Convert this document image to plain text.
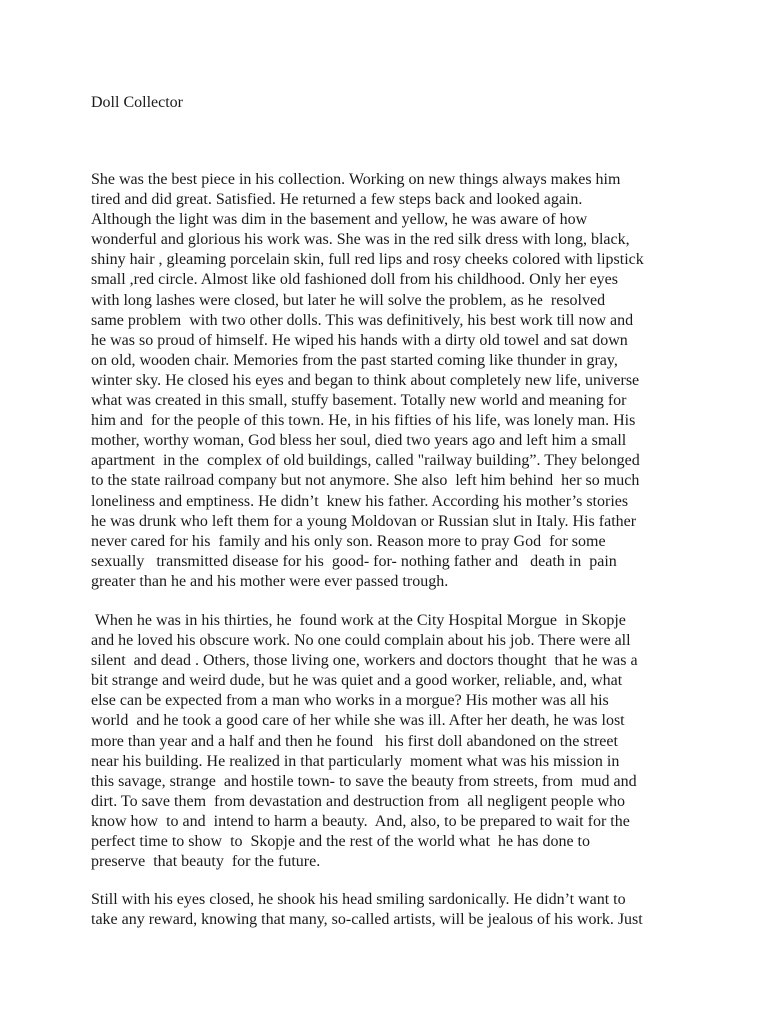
Doll Collector
She was the best piece in his collection. Working on new things always makes him
tired and did great. Satisfied. He returned a few steps back and looked again.
Although the light was dim in the basement and yellow, he was aware of how
wonderful and glorious his work was. She was in the red silk dress with long, black,
shiny hair , gleaming porcelain skin, full red lips and rosy cheeks colored with lipstick
small ,red circle. Almost like old fashioned doll from his childhood. Only her eyes
with long lashes were closed, but later he will solve the problem, as he  resolved
same problem  with two other dolls. This was definitively, his best work till now and
he was so proud of himself. He wiped his hands with a dirty old towel and sat down
on old, wooden chair. Memories from the past started coming like thunder in gray,
winter sky. He closed his eyes and began to think about completely new life, universe
what was created in this small, stuffy basement. Totally new world and meaning for
him and  for the people of this town. He, in his fifties of his life, was lonely man. His
mother, worthy woman, God bless her soul, died two years ago and left him a small
apartment  in the  complex of old buildings, called "railway building”. They belonged
to the state railroad company but not anymore. She also  left him behind  her so much
loneliness and emptiness. He didn’t  knew his father. According his mother’s stories
he was drunk who left them for a young Moldovan or Russian slut in Italy. His father
never cared for his  family and his only son. Reason more to pray God  for some
sexually   transmitted disease for his  good- for- nothing father and   death in  pain
greater than he and his mother were ever passed trough.
When he was in his thirties, he  found work at the City Hospital Morgue  in Skopje
and he loved his obscure work. No one could complain about his job. There were all
silent  and dead . Others, those living one, workers and doctors thought  that he was a
bit strange and weird dude, but he was quiet and a good worker, reliable, and, what
else can be expected from a man who works in a morgue? His mother was all his
world  and he took a good care of her while she was ill. After her death, he was lost
more than year and a half and then he found   his first doll abandoned on the street
near his building. He realized in that particularly  moment what was his mission in
this savage, strange  and hostile town- to save the beauty from streets, from  mud and
dirt. To save them  from devastation and destruction from  all negligent people who
know how  to and  intend to harm a beauty.  And, also, to be prepared to wait for the
perfect time to show  to  Skopje and the rest of the world what  he has done to
preserve  that beauty  for the future.
Still with his eyes closed, he shook his head smiling sardonically. He didn’t want to
take any reward, knowing that many, so-called artists, will be jealous of his work. Just
